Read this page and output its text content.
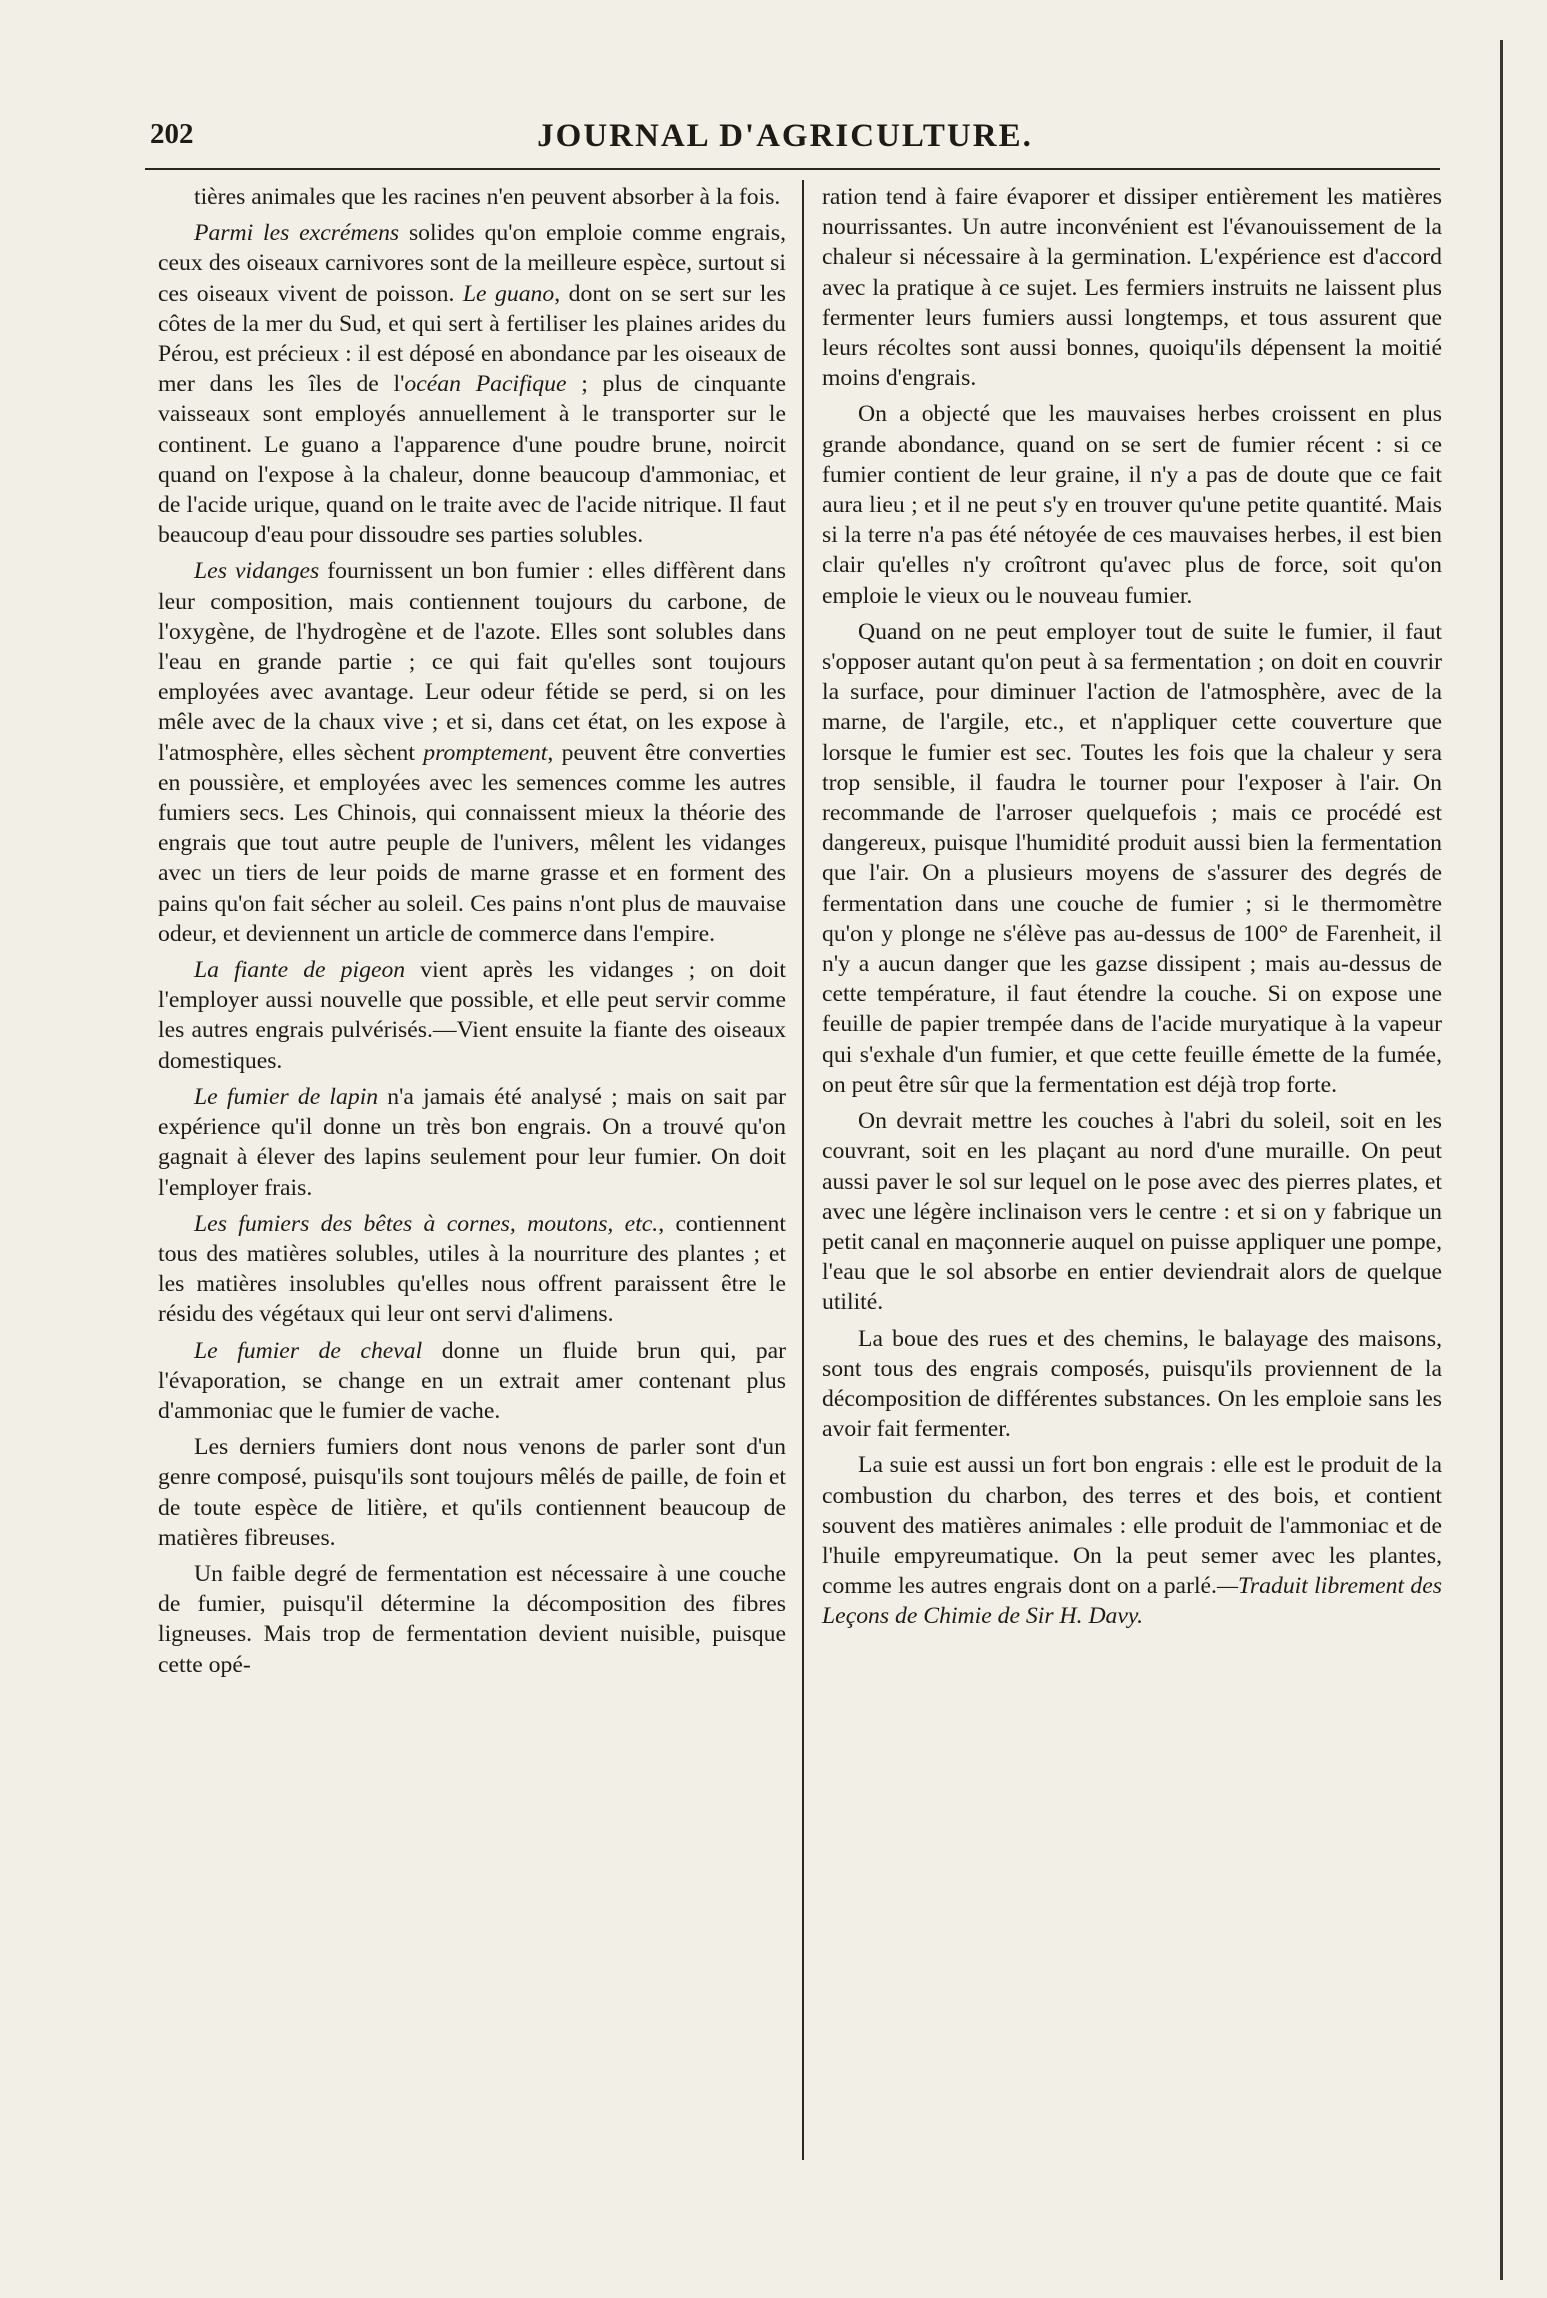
202	JOURNAL D'AGRICULTURE.

tières animales que les racines n'en peuvent absorber à la fois.

Parmi les excrémens solides qu'on emploie comme engrais, ceux des oiseaux carnivores sont de la meilleure espèce, surtout si ces oiseaux vivent de poisson. Le guano, dont on se sert sur les côtes de la mer du Sud, et qui sert à fertiliser les plaines arides du Pérou, est précieux : il est déposé en abondance par les oiseaux de mer dans les îles de l'océan Pacifique ; plus de cinquante vaisseaux sont employés annuellement à le transporter sur le continent. Le guano a l'apparence d'une poudre brune, noircit quand on l'expose à la chaleur, donne beaucoup d'ammoniac, et de l'acide urique, quand on le traite avec de l'acide nitrique. Il faut beaucoup d'eau pour dissoudre ses parties solubles.

Les vidanges fournissent un bon fumier : elles diffèrent dans leur composition, mais contiennent toujours du carbone, de l'oxygène, de l'hydrogène et de l'azote. Elles sont solubles dans l'eau en grande partie ; ce qui fait qu'elles sont toujours employées avec avantage. Leur odeur fétide se perd, si on les mêle avec de la chaux vive ; et si, dans cet état, on les expose à l'atmosphère, elles sèchent promptement, peuvent être converties en poussière, et employées avec les semences comme les autres fumiers secs. Les Chinois, qui connaissent mieux la théorie des engrais que tout autre peuple de l'univers, mêlent les vidanges avec un tiers de leur poids de marne grasse et en forment des pains qu'on fait sécher au soleil. Ces pains n'ont plus de mauvaise odeur, et deviennent un article de commerce dans l'empire.

La fiante de pigeon vient après les vidanges ; on doit l'employer aussi nouvelle que possible, et elle peut servir comme les autres engrais pulvérisés.—Vient ensuite la fiante des oiseaux domestiques.

Le fumier de lapin n'a jamais été analysé ; mais on sait par expérience qu'il donne un très bon engrais. On a trouvé qu'on gagnait à élever des lapins seulement pour leur fumier. On doit l'employer frais.

Les fumiers des bêtes à cornes, moutons, etc., contiennent tous des matières solubles, utiles à la nourriture des plantes ; et les matières insolubles qu'elles nous offrent paraissent être le résidu des végétaux qui leur ont servi d'alimens.

Le fumier de cheval donne un fluide brun qui, par l'évaporation, se change en un extrait amer contenant plus d'ammoniac que le fumier de vache.

Les derniers fumiers dont nous venons de parler sont d'un genre composé, puisqu'ils sont toujours mêlés de paille, de foin et de toute espèce de litière, et qu'ils contiennent beaucoup de matières fibreuses.

Un faible degré de fermentation est nécessaire à une couche de fumier, puisqu'il détermine la décomposition des fibres ligneuses. Mais trop de fermentation devient nuisible, puisque cette opé-

ration tend à faire évaporer et dissiper entièrement les matières nourrissantes. Un autre inconvénient est l'évanouissement de la chaleur si nécessaire à la germination. L'expérience est d'accord avec la pratique à ce sujet. Les fermiers instruits ne laissent plus fermenter leurs fumiers aussi longtemps, et tous assurent que leurs récoltes sont aussi bonnes, quoiqu'ils dépensent la moitié moins d'engrais.

On a objecté que les mauvaises herbes croissent en plus grande abondance, quand on se sert de fumier récent : si ce fumier contient de leur graine, il n'y a pas de doute que ce fait aura lieu ; et il ne peut s'y en trouver qu'une petite quantité. Mais si la terre n'a pas été nétoyée de ces mauvaises herbes, il est bien clair qu'elles n'y croîtront qu'avec plus de force, soit qu'on emploie le vieux ou le nouveau fumier.

Quand on ne peut employer tout de suite le fumier, il faut s'opposer autant qu'on peut à sa fermentation ; on doit en couvrir la surface, pour diminuer l'action de l'atmosphère, avec de la marne, de l'argile, etc., et n'appliquer cette couverture que lorsque le fumier est sec. Toutes les fois que la chaleur y sera trop sensible, il faudra le tourner pour l'exposer à l'air. On recommande de l'arroser quelquefois ; mais ce procédé est dangereux, puisque l'humidité produit aussi bien la fermentation que l'air. On a plusieurs moyens de s'assurer des degrés de fermentation dans une couche de fumier ; si le thermomètre qu'on y plonge ne s'élève pas au-dessus de 100° de Farenheit, il n'y a aucun danger que les gazse dissipent ; mais au-dessus de cette température, il faut étendre la couche. Si on expose une feuille de papier trempée dans de l'acide muryatique à la vapeur qui s'exhale d'un fumier, et que cette feuille émette de la fumée, on peut être sûr que la fermentation est déjà trop forte.

On devrait mettre les couches à l'abri du soleil, soit en les couvrant, soit en les plaçant au nord d'une muraille. On peut aussi paver le sol sur lequel on le pose avec des pierres plates, et avec une légère inclinaison vers le centre : et si on y fabrique un petit canal en maçonnerie auquel on puisse appliquer une pompe, l'eau que le sol absorbe en entier deviendrait alors de quelque utilité.

La boue des rues et des chemins, le balayage des maisons, sont tous des engrais composés, puisqu'ils proviennent de la décomposition de différentes substances. On les emploie sans les avoir fait fermenter.

La suie est aussi un fort bon engrais : elle est le produit de la combustion du charbon, des terres et des bois, et contient souvent des matières animales : elle produit de l'ammoniac et de l'huile empyreumatique. On la peut semer avec les plantes, comme les autres engrais dont on a parlé.—Traduit librement des Leçons de Chimie de Sir H. Davy.
